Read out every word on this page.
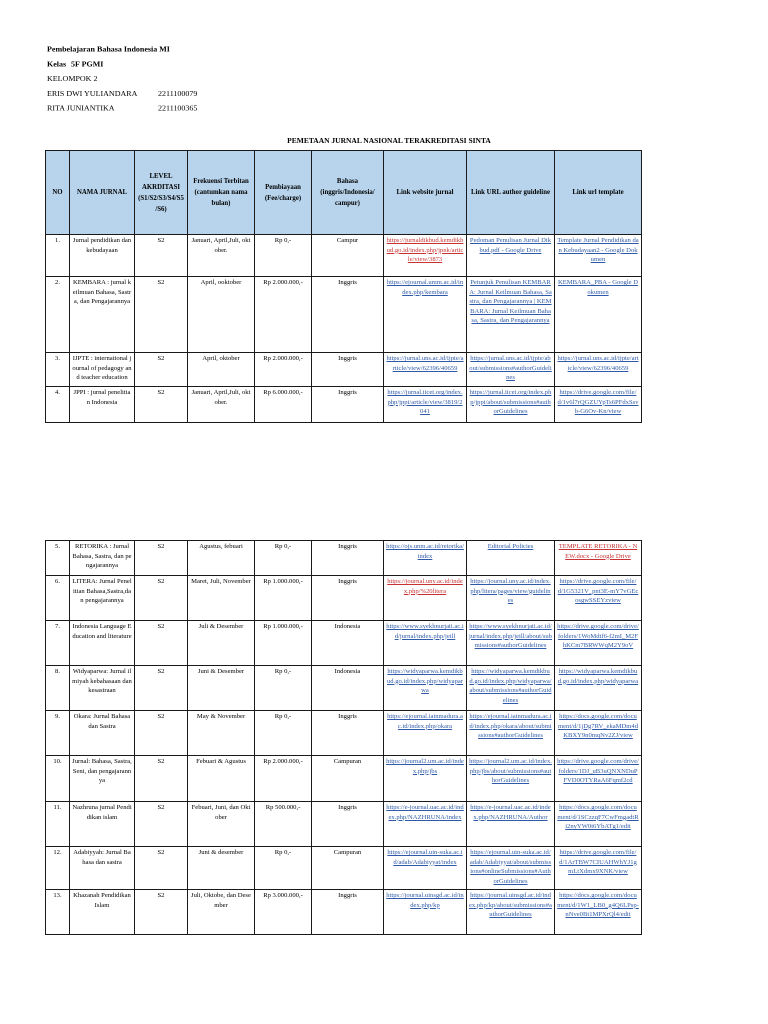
Pembelajaran Bahasa Indonesia MI
Kelas 5F PGMI
KELOMPOK 2
ERIS DWI YULIANDARA	2211100079
RITA JUNIANTIKA	2211100365
PEMETAAN JURNAL NASIONAL TERAKREDITASI SINTA
NO	NAMA JURNAL	LEVEL AKRDITASI (S1/S2/S3/S4/S5 /S6)	Frekuensi Terbitan (cantumkan nama bulan)	Pembiayaan (Fee/charge)	Bahasa (inggris/Indonesia/ campur)	Link website jurnal	Link URL author guideline	Link url template
1.	Jurnal pendidikan dan kebudayaan	S2	Januari, April,Juli, oktober.	Rp 0,-	Campur	https://jurnaldikbud.kemdikbud.go.id/index.php/jpnk/article/view/3873	Pedoman Penulisan Jurnal Dikbud.pdf - Google Drive	Template Jurnal Pendidikan dan Kebudayaan2 - Google Dokumen
2.	KEMBARA : jurnal keilmuan Bahasa, Sastra, dan Pengajarannya	S2	April, ooktober	Rp 2.000.000,-	Inggris	https://ejournal.umm.ac.id/index.php/kembara	Petunjuk Penulisan KEMBARA: Jurnal Keilmuan Bahasa, Sastra, dan Pengajarannya | KEMBARA: Jurnal Keilmuan Bahasa, Sastra, dan Pengajarannya	KEMBARA_PBA - Google Dokumen
3.	IJPTE : international journal of pedagogy and teacher education	S2	April, oktober	Rp 2.000.000,-	Inggris	https://jurnal.uns.ac.id/ijpte/article/view/62396/40659	https://jurnal.uns.ac.id/ijpte/about/submissions#authorGuidelines	https://jurnal.uns.ac.id/ijpte/article/view/62396/40659
4.	JPPI : jurnal penelitian Indonesia	S2	Januari, April,Juli, oktober.	Rp 6.000.000,-	Inggris	https://jurnal.iicet.org/index.php/jppi/article/view/3819/2041	https://jurnal.iicet.org/index.php/jppi/about/submissions#authorGuidelines	https://drive.google.com/file/d/1v6l7rQGZUYpTs6PFdxSsvb-G6Ov-Kn/view
5.	RETORIKA : Jurnal Bahasa, Sastra, dan pengajarannya	S2	Agustus, febuari	Rp 0,-	Inggris	https://ojs.unm.ac.id/retorika/index	Editorial Policies	TEMPLATE RETORIKA - NEW.docx - Google Drive
6.	LITERA: Jurnal Penelitian Bahasa,Sastra,dan pengajarannya	S2	Maret, Juli, November	Rp 1.000.000,-	Inggris	https://journal.uny.ac.id/index.php/%20litera	https://journal.uny.ac.id/index.php/litera/pages/view/guidelines	https://drive.google.com/file/d/1G5321V_pnt3E-mY7vGEcosgwSSEYzview
7.	Indonesia Language Education and literature	S2	Juli & Desember	Rp 1.000.000,-	Indonesia	https://www.syekhnurjati.ac.id/jurnal/index.php/jeill	https://www.syekhnurjati.ac.id/jurnal/index.php/jeill/about/submissions#authorGuidelines	https://drive.google.com/drive/folders/1WoMdtf6-f2mI_M2FhKCm7BRWWqM2Y9oV
8.	Widyaparwa: Jurnal ilmiyah kebahasaan dan kesastraan	S2	Juni & Desember	Rp 0,-	Indonesia	https://widyaparwa.kemdikbud.go.id/index.php/widyaparwa	https://widyaparwa.kemdikbud.go.id/index.php/widyaparwa/about/submissions#authorGuidelines	https://widyaparwa.kemdikbud.go.id/index.php/widyaparwa
9.	Okara: Jurnal Bahasa dan Sastra	S2	May & November	Rp 0,-	Inggris	https://ejournal.iainmadura.ac.id/index.php/okara	https://ejournal.iainmadura.ac.id/index.php/okara/about/submissions#authorGuidelines	https://docs.google.com/document/d/1jDg7RV_ekaMDm4dKBXY9n0mqNv2ZJ/view
10.	Jurnal: Bahasa, Sastra, Seni, dan pengajarannya	S2	Febuari & Agustus	Rp 2.000.000,-	Campuran	https://journal2.um.ac.id/index.php/jbs	https://journal2.um.ac.id/index.php/jbs/about/submissions#authorGuidelines	https://drive.google.com/drive/folders/1DJ_uB3uQNXNDuPFVD0OTYRaA6Fqmf2cd
11.	Nazhruna jurnal Pendidikan islam	S2	Febuari, Juni, dan Oktober	Rp 500.000,-	Inggris	https://e-journal.uac.ac.id/index.php/NAZHRUNA/index	https://e-journal.uac.ac.id/index.php/NAZHRUNA/Author	https://docs.google.com/document/d/1SCzzqF7CwFmgadtRi2nyYW0t6YbATg1/edit
12.	Adabiyyah: Jurnal Bahasa dan sastra	S2	Juni & desember	Rp 0,-	Campuran	https://ejournal.uin-suka.ac.id/adab/Adabiyyat/index	https://ejournal.uin-suka.ac.id/adab/Adabiyyat/about/submissions#onlineSubmissions#AuthorGuidelines	https://drive.google.com/file/d/1ArTBW7CIUAHWhYJ1gmLtXdmx9XNK/view
13.	Khazanah Pendidikan Islam	S2	Juli, Oktobe, dan Desember	Rp 3.000.000,-	Inggris	https://journal.uinsgd.ac.id/index.php/kp	https://journal.uinsgd.ac.id/index.php/kp/about/submissions#authorGuidelines	https://docs.google.com/document/d/1W1_LB0_g4Q6LPsp-nNve0Bt1MPXrQl4/edit
